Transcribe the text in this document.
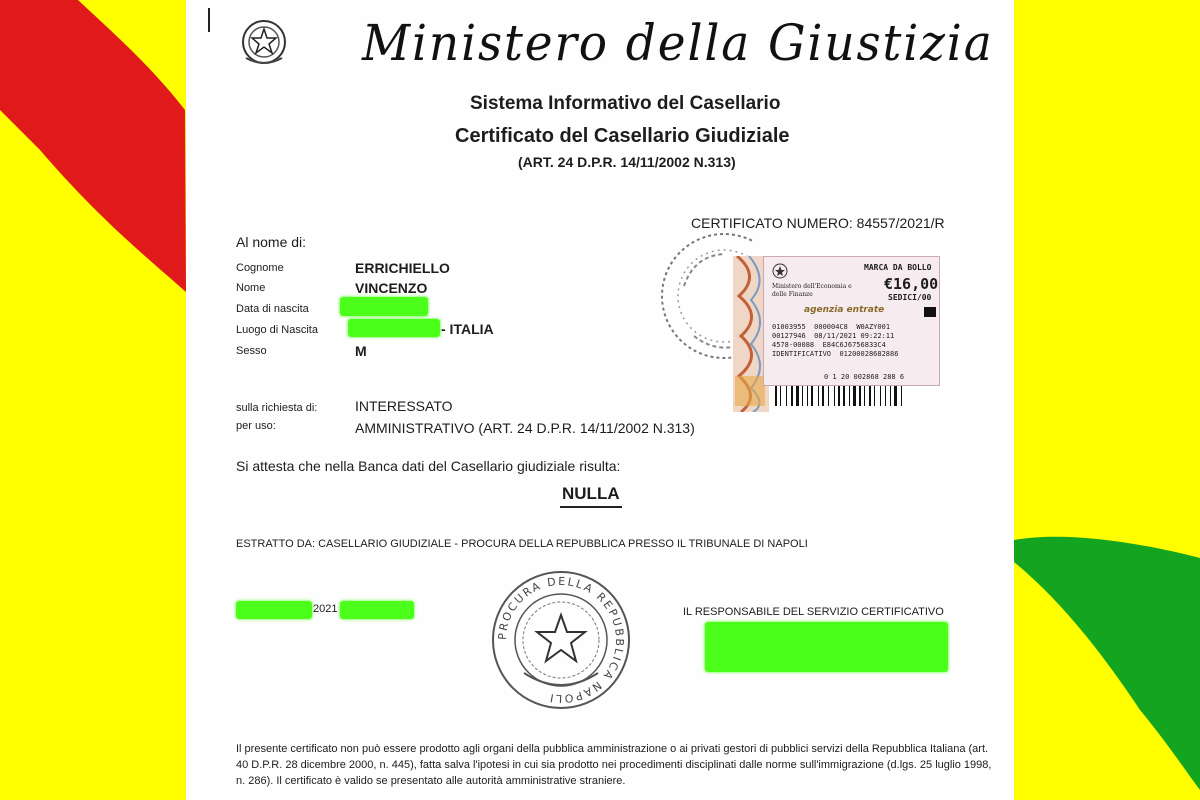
Ministero della Giustizia
Sistema Informativo del Casellario
Certificato del Casellario Giudiziale
(ART. 24 D.P.R. 14/11/2002 N.313)
CERTIFICATO NUMERO: 84557/2021/R
Al nome di:
Cognome	ERRICHIELLO
Nome	VINCENZO
Data di nascita
Luogo di Nascita	- ITALIA
Sesso	M
MARCA DA BOLLO
Ministero dell'Economia e delle Finanze
€16,00
SEDICI/00
agenzia entrate
01003955 000004C8 W0AZY001
00127946 08/11/2021 09:22:11
4578-00088 E84C6J6756833C4
IDENTIFICATIVO 01200028682886
0 1 20 002868 288 6
sulla richiesta di:	INTERESSATO
per uso:	AMMINISTRATIVO (ART. 24 D.P.R. 14/11/2002 N.313)
Si attesta che nella Banca dati del Casellario giudiziale risulta:
NULLA
ESTRATTO DA: CASELLARIO GIUDIZIALE - PROCURA DELLA REPUBBLICA PRESSO IL TRIBUNALE DI NAPOLI
2021
PROCURA DELLA REPUBBLICA NAPOLI
IL RESPONSABILE DEL SERVIZIO CERTIFICATIVO
Il presente certificato non può essere prodotto agli organi della pubblica amministrazione o ai privati gestori di pubblici servizi della Repubblica Italiana (art. 40 D.P.R. 28 dicembre 2000, n. 445), fatta salva l'ipotesi in cui sia prodotto nei procedimenti disciplinati dalle norme sull'immigrazione (d.lgs. 25 luglio 1998, n. 286). Il certificato è valido se presentato alle autorità amministrative straniere.
